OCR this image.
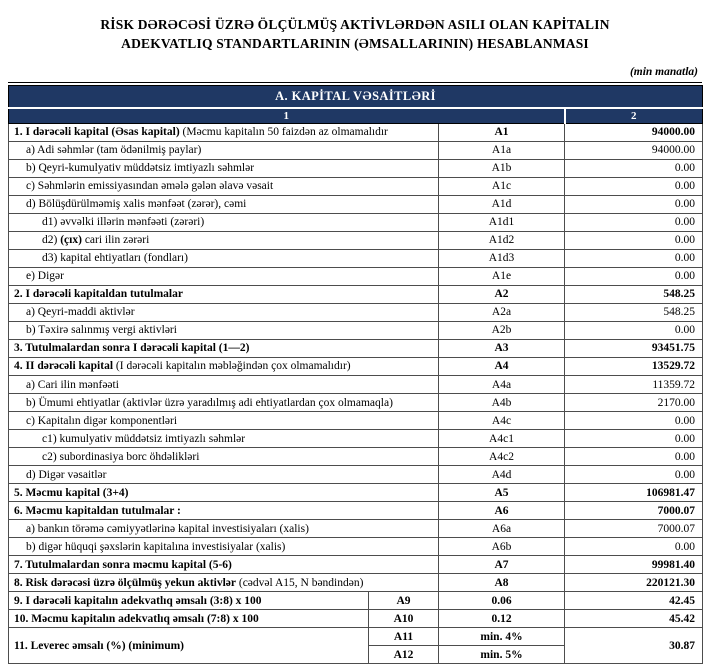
RİSK DƏRƏCƏSİ ÜZRƏ ÖLÇÜLMÜŞ AKTİVLƏRDƏN ASILI OLAN KAPİTALIN
ADEKVATLIQ STANDARTLARININ (ƏMSALLARININ) HESABLANMASI
(min manatla)
A. KAPİTAL VƏSAİTLƏRİ			
1			2
1. I dərəcəli kapital (Əsas kapital) (Məcmu kapitalın 50 faizdən az olmamalıdır		A1	94000.00
a) Adi səhmlər (tam ödənilmiş paylar)		A1a	94000.00
b) Qeyri-kumulyativ müddətsiz imtiyazlı səhmlər		A1b	0.00
c) Səhmlərin emissiyasından əmələ gələn əlavə vəsait		A1c	0.00
d) Bölüşdürülməmiş xalis mənfəət (zərər), cəmi		A1d	0.00
d1) əvvəlki illərin mənfəəti (zərəri)		A1d1	0.00
d2) (çıx) cari ilin zərəri		A1d2	0.00
d3) kapital ehtiyatları (fondları)		A1d3	0.00
e) Digər		A1e	0.00
2. I dərəcəli kapitaldan tutulmalar		A2	548.25
a) Qeyri-maddi aktivlər		A2a	548.25
b) Təxirə salınmış vergi aktivləri		A2b	0.00
3. Tutulmalardan sonra I dərəcəli kapital (1—2)		A3	93451.75
4. II dərəcəli kapital (I dərəcəli kapitalın məbləğindən çox olmamalıdır)		A4	13529.72
a) Cari ilin mənfəəti		A4a	11359.72
b) Ümumi ehtiyatlar (aktivlər üzrə yaradılmış adi ehtiyatlardan çox olmamaqla)		A4b	2170.00
c) Kapitalın digər komponentləri		A4c	0.00
c1) kumulyativ müddətsiz imtiyazlı səhmlər		A4c1	0.00
c2) subordinasiya borc öhdəlikləri		A4c2	0.00
d) Digər vəsaitlər		A4d	0.00
5. Məcmu kapital (3+4)		A5	106981.47
6. Məcmu kapitaldan tutulmalar :		A6	7000.07
a) bankın törəmə cəmiyyətlərinə kapital investisiyaları (xalis)		A6a	7000.07
b) digər hüquqi şəxslərin kapitalına investisiyalar (xalis)		A6b	0.00
7. Tutulmalardan sonra məcmu kapital (5-6)		A7	99981.40
8. Risk dərəcəsi üzrə ölçülmüş yekun aktivlər (cədvəl A15, N bəndindən)		A8	220121.30
9. I dərəcəli kapitalın adekvatlıq əmsalı (3:8) x 100	A9	0.06	42.45
10. Məcmu kapitalın adekvatlıq əmsalı (7:8) x 100	A10	0.12	45.42
11. Leverec əmsalı (%) (minimum)	A11	min. 4%	30.87
	A12	min. 5%	
